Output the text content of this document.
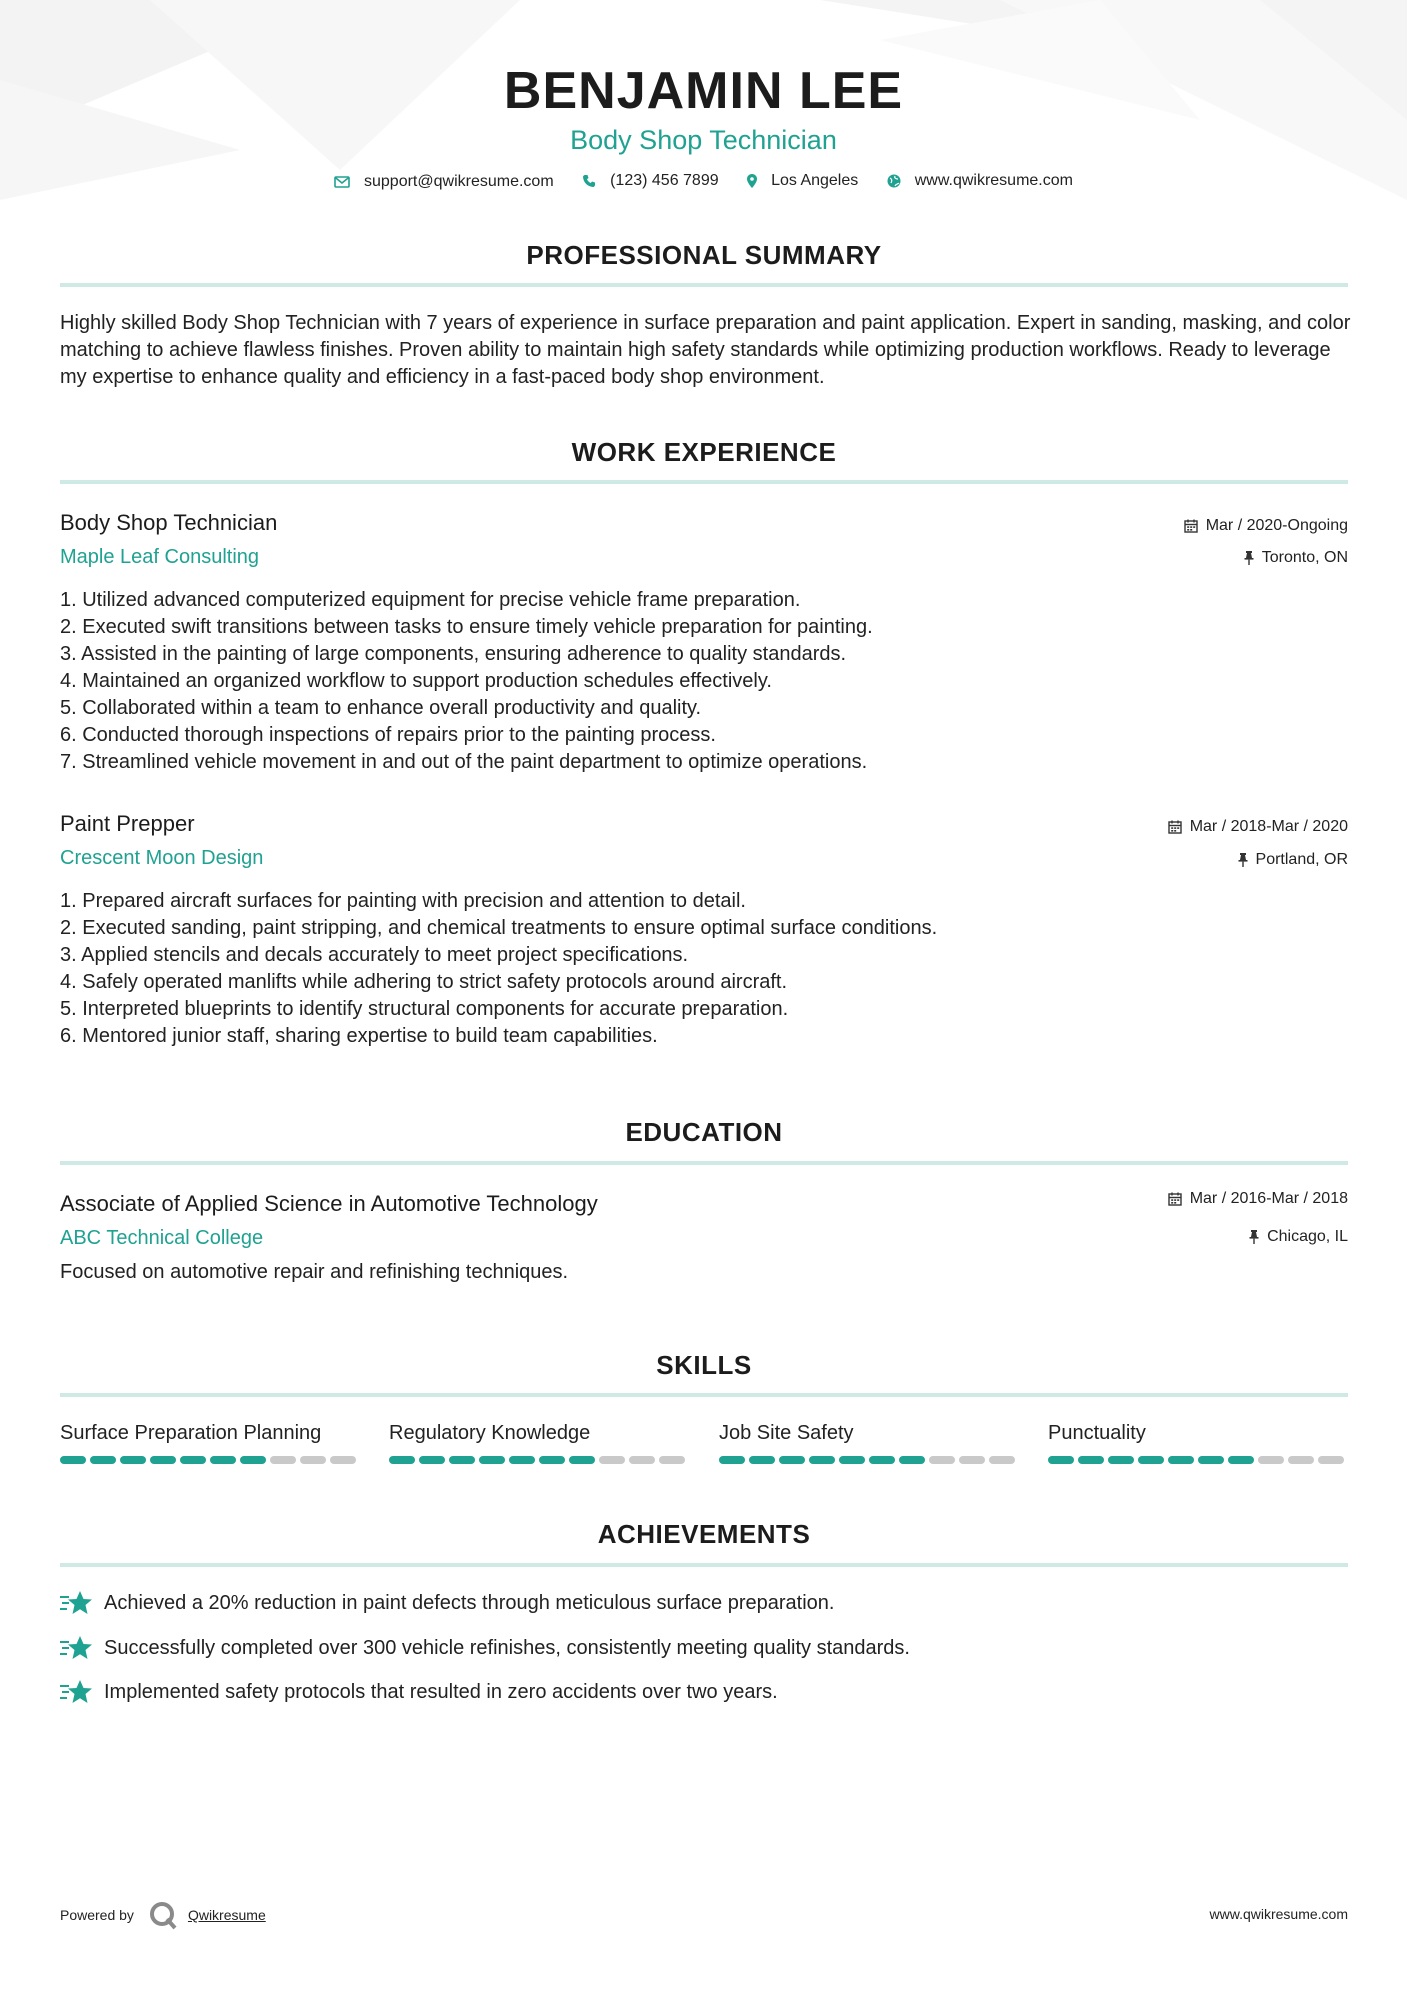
BENJAMIN LEE
Body Shop Technician
support@qwikresume.com
	(123) 456 7899
	Los Angeles
	www.qwikresume.com
PROFESSIONAL SUMMARY
Highly skilled Body Shop Technician with 7 years of experience in surface preparation and paint application. Expert in sanding, masking, and color matching to achieve flawless finishes. Proven ability to maintain high safety standards while optimizing production workflows. Ready to leverage my expertise to enhance quality and efficiency in a fast-paced body shop environment.
WORK EXPERIENCE
Body Shop Technician
Maple Leaf Consulting
Mar / 2020-Ongoing
Toronto, ON
1. Utilized advanced computerized equipment for precise vehicle frame preparation.
2. Executed swift transitions between tasks to ensure timely vehicle preparation for painting.
3. Assisted in the painting of large components, ensuring adherence to quality standards.
4. Maintained an organized workflow to support production schedules effectively.
5. Collaborated within a team to enhance overall productivity and quality.
6. Conducted thorough inspections of repairs prior to the painting process.
7. Streamlined vehicle movement in and out of the paint department to optimize operations.
Paint Prepper
Crescent Moon Design
Mar / 2018-Mar / 2020
Portland, OR
1. Prepared aircraft surfaces for painting with precision and attention to detail.
2. Executed sanding, paint stripping, and chemical treatments to ensure optimal surface conditions.
3. Applied stencils and decals accurately to meet project specifications.
4. Safely operated manlifts while adhering to strict safety protocols around aircraft.
5. Interpreted blueprints to identify structural components for accurate preparation.
6. Mentored junior staff, sharing expertise to build team capabilities.
EDUCATION
Associate of Applied Science in Automotive Technology
ABC Technical College
Mar / 2016-Mar / 2018
Chicago, IL
Focused on automotive repair and refinishing techniques.
SKILLS
Surface Preparation Planning	Regulatory Knowledge	Job Site Safety	Punctuality
ACHIEVEMENTS
Achieved a 20% reduction in paint defects through meticulous surface preparation.
Successfully completed over 300 vehicle refinishes, consistently meeting quality standards.
Implemented safety protocols that resulted in zero accidents over two years.
Powered by	Qwikresume	www.qwikresume.com
